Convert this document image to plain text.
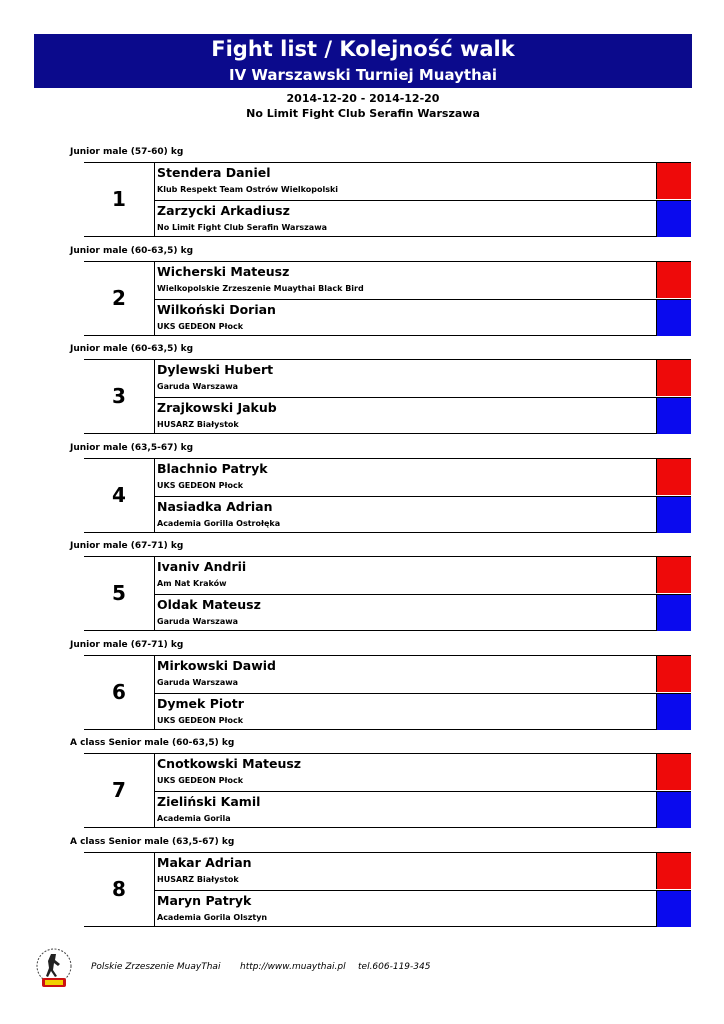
Fight list / Kolejność walk
IV Warszawski Turniej Muaythai
2014-12-20 - 2014-12-20
No Limit Fight Club Serafin Warszawa
Junior male (57-60) kg
1
Stendera Daniel
Klub Respekt Team Ostrów Wielkopolski
Zarzycki Arkadiusz
No Limit Fight Club Serafin Warszawa
Junior male (60-63,5) kg
2
Wicherski Mateusz
Wielkopolskie Zrzeszenie Muaythai Black Bird
Wilkoński Dorian
UKS GEDEON Płock
Junior male (60-63,5) kg
3
Dylewski Hubert
Garuda Warszawa
Zrajkowski Jakub
HUSARZ Białystok
Junior male (63,5-67) kg
4
Blachnio Patryk
UKS GEDEON Płock
Nasiadka Adrian
Academia Gorilla Ostrołęka
Junior male (67-71) kg
5
Ivaniv Andrii
Am Nat Kraków
Oldak Mateusz
Garuda Warszawa
Junior male (67-71) kg
6
Mirkowski Dawid
Garuda Warszawa
Dymek Piotr
UKS GEDEON Płock
A class Senior male (60-63,5) kg
7
Cnotkowski Mateusz
UKS GEDEON Płock
Zieliński Kamil
Academia Gorila
A class Senior male (63,5-67) kg
8
Makar Adrian
HUSARZ Białystok
Maryn Patryk
Academia Gorila Olsztyn
Polskie Zrzeszenie MuayThai http://www.muaythai.pl tel.606-119-345
